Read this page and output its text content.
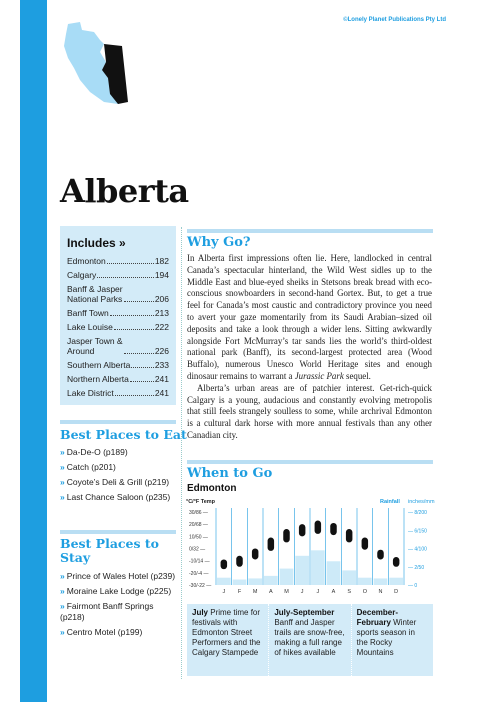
©Lonely Planet Publications Pty Ltd
Alberta
Includes »
Edmonton	182
Calgary	194
Banff & Jasper
National Parks	206
Banff Town	213
Lake Louise	222
Jasper Town &
Around	226
Southern Alberta	233
Northern Alberta	241
Lake District	241
Best Places to Eat
» Da-De-O (p189)
» Catch (p201)
» Coyote’s Deli & Grill (p219)
» Last Chance Saloon (p235)
Best Places to Stay
» Prince of Wales Hotel (p239)
» Moraine Lake Lodge (p225)
» Fairmont Banff Springs (p218)
» Centro Motel (p199)
Why Go?

In Alberta first impressions often lie. Here, landlocked in central Canada’s spectacular hinterland, the Wild West sidles up to the Middle East and blue-eyed sheiks in Stetsons break bread with eco-conscious snowboarders in second-hand Gortex. But, to get a true feel for Canada’s most caustic and contradictory province you need to avert your gaze momentarily from its Saudi Arabian–sized oil deposits and take a look through a wider lens. Sitting awkwardly alongside Fort McMurray’s tar sands lies the world’s third-oldest national park (Banff), its second-largest protected area (Wood Buffalo), numerous Unesco World Heritage sites and enough dinosaur remains to warrant a Jurassic Park sequel.

Alberta’s urban areas are of patchier interest. Get-rich-quick Calgary is a young, audacious and constantly evolving metropolis that still feels strangely soulless to some, while archrival Edmonton is a cultural dark horse with more annual festivals than any other Canadian city.

When to Go
Edmonton
°C/°F Temp	Rainfall inches/mm
30/86 —
20/68 —
10/50 —
0/32 —
-10/14 —
-20/-4 —
-30/-22 —
— 8/200
— 6/150
— 4/100
— 2/50
— 0
J F M A M J J A S O N D
July Prime time for festivals with Edmonton Street Performers and the Calgary Stampede
July-September Banff and Jasper trails are snow-free, making a full range of hikes available
December-February Winter sports season in the Rocky Mountains
